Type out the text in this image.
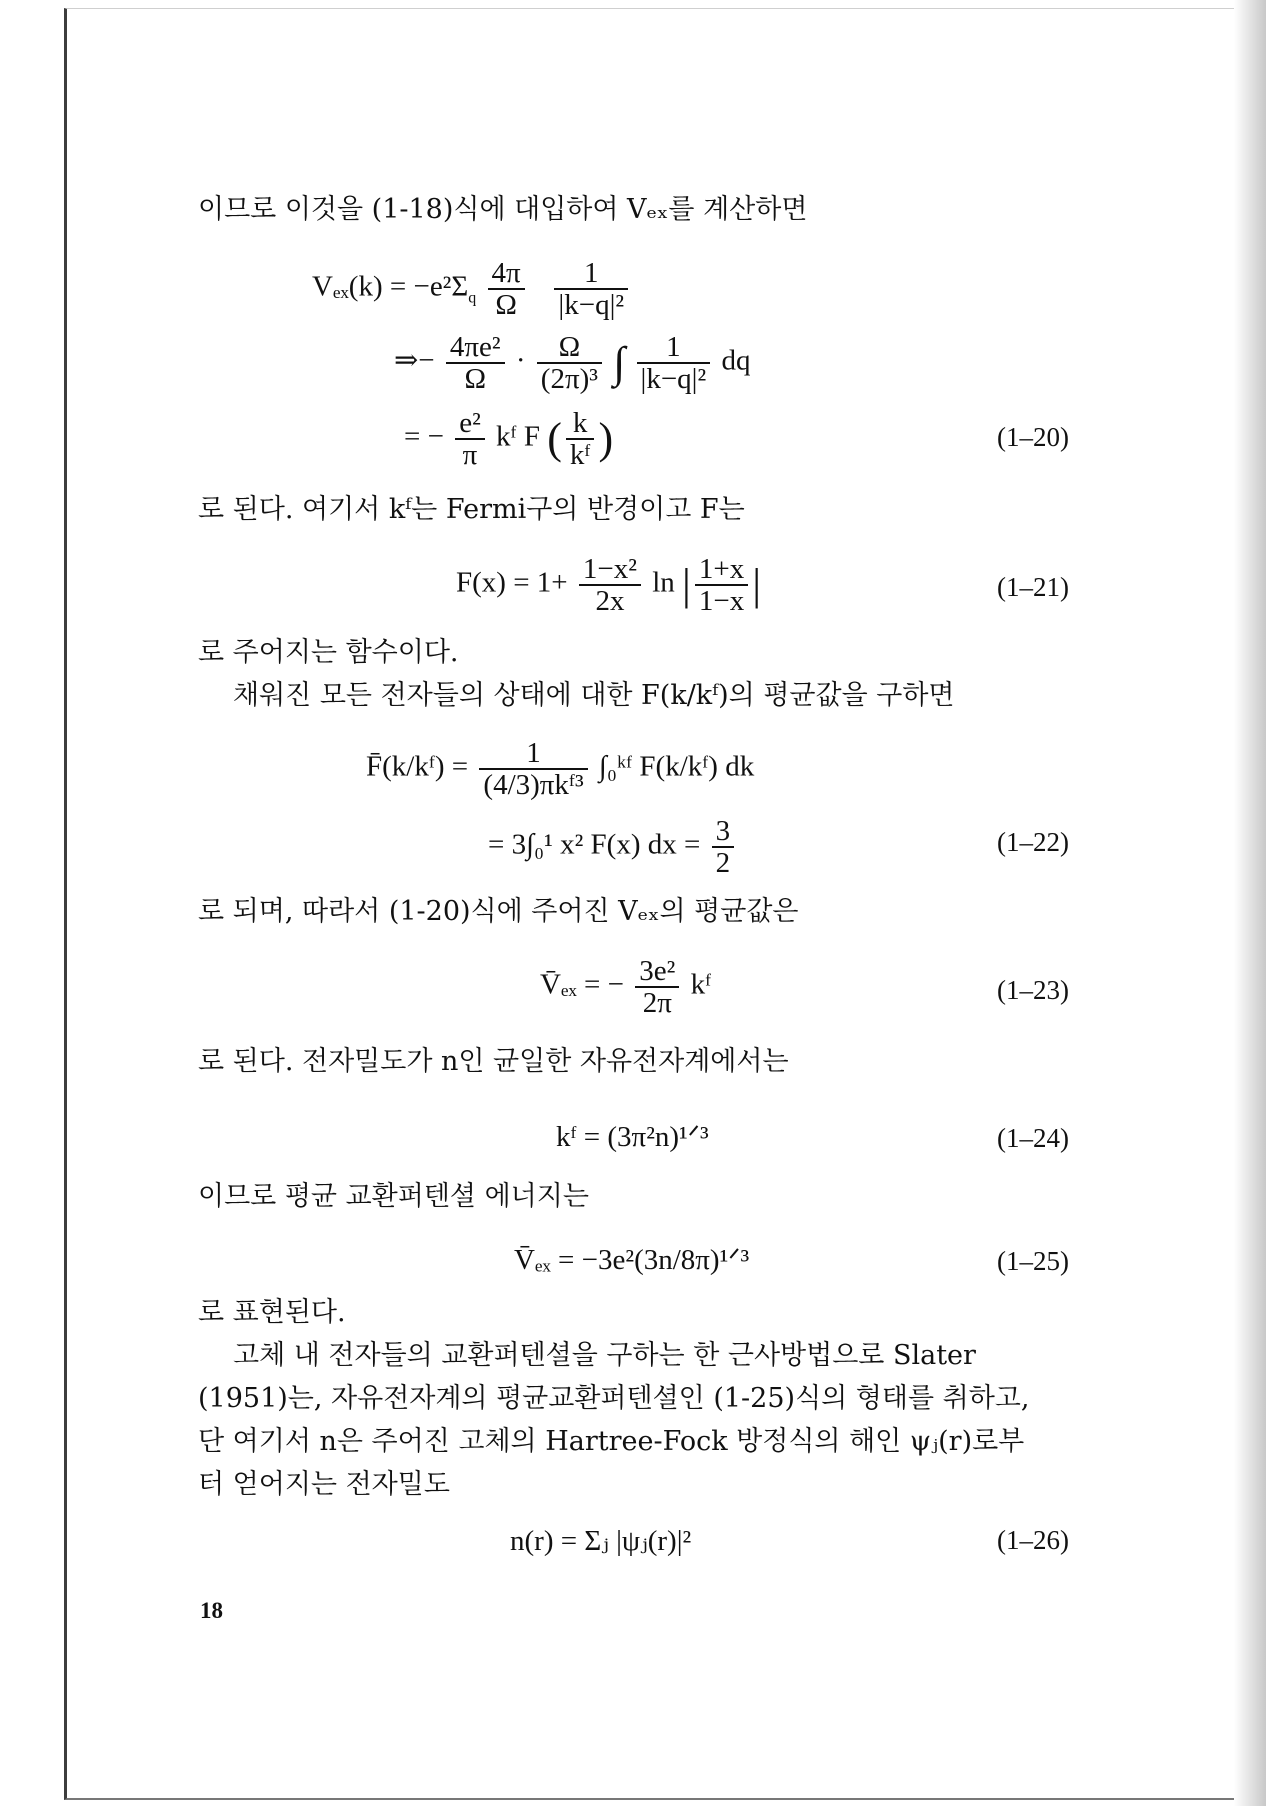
이므로 이것을 (1-18)식에 대입하여 Vₑₓ를 계산하면
$V_{ex}(k) = -e^2\Sigma_q \frac{4\pi}{\Omega}$
$\frac{1}{\text{|k−q|²}}$
⇒− $\frac{\text{4πe²}}{\Omega} \cdot \frac{\Omega}{\text{(2π)³}}$ ∫ $\frac{1}{\text{|k−q|²}}$ dq
= − $\frac{\text{e²}}{\pi}$ kᶠ F ( $\frac{k}{\text{kᶠ}}$ )	(1–20)
로 된다. 여기서 kᶠ는 Fermi구의 반경이고 F는
$F(x) = 1+ \frac{\text{1−x²}}{2x}$ ln | $\frac{1+x}{1-x}$ |	(1–21)
로 주어지는 함수이다.
채워진 모든 전자들의 상태에 대한 F(k/kᶠ)의 평균값을 구하면
F̄(k/kᶠ) = $\frac{1}{\text{(4/3)πkᶠ³}}$ ∫₀ᵏᶠ F(k/kᶠ) dk
= 3∫₀¹ x² F(x) dx = $\frac{3}{2}$	(1–22)
로 되며, 따라서 (1-20)식에 주어진 Vₑₓ의 평균값은
V̄ₑₓ = − $\frac{\text{3e²}}{2\pi}$ kᶠ	(1–23)
로 된다. 전자밀도가 n인 균일한 자유전자계에서는
kᶠ = (3π²n)¹ᐟ³	(1–24)
이므로 평균 교환퍼텐셜 에너지는
V̄ₑₓ = −3e²(3n/8π)¹ᐟ³	(1–25)
로 표현된다.
고체 내 전자들의 교환퍼텐셜을 구하는 한 근사방법으로 Slater
(1951)는, 자유전자계의 평균교환퍼텐셜인 (1-25)식의 형태를 취하고,
단 여기서 n은 주어진 고체의 Hartree-Fock 방정식의 해인 ψⱼ(r)로부
터 얻어지는 전자밀도
n(r) = Σⱼ |ψⱼ(r)|²	(1–26)
18
